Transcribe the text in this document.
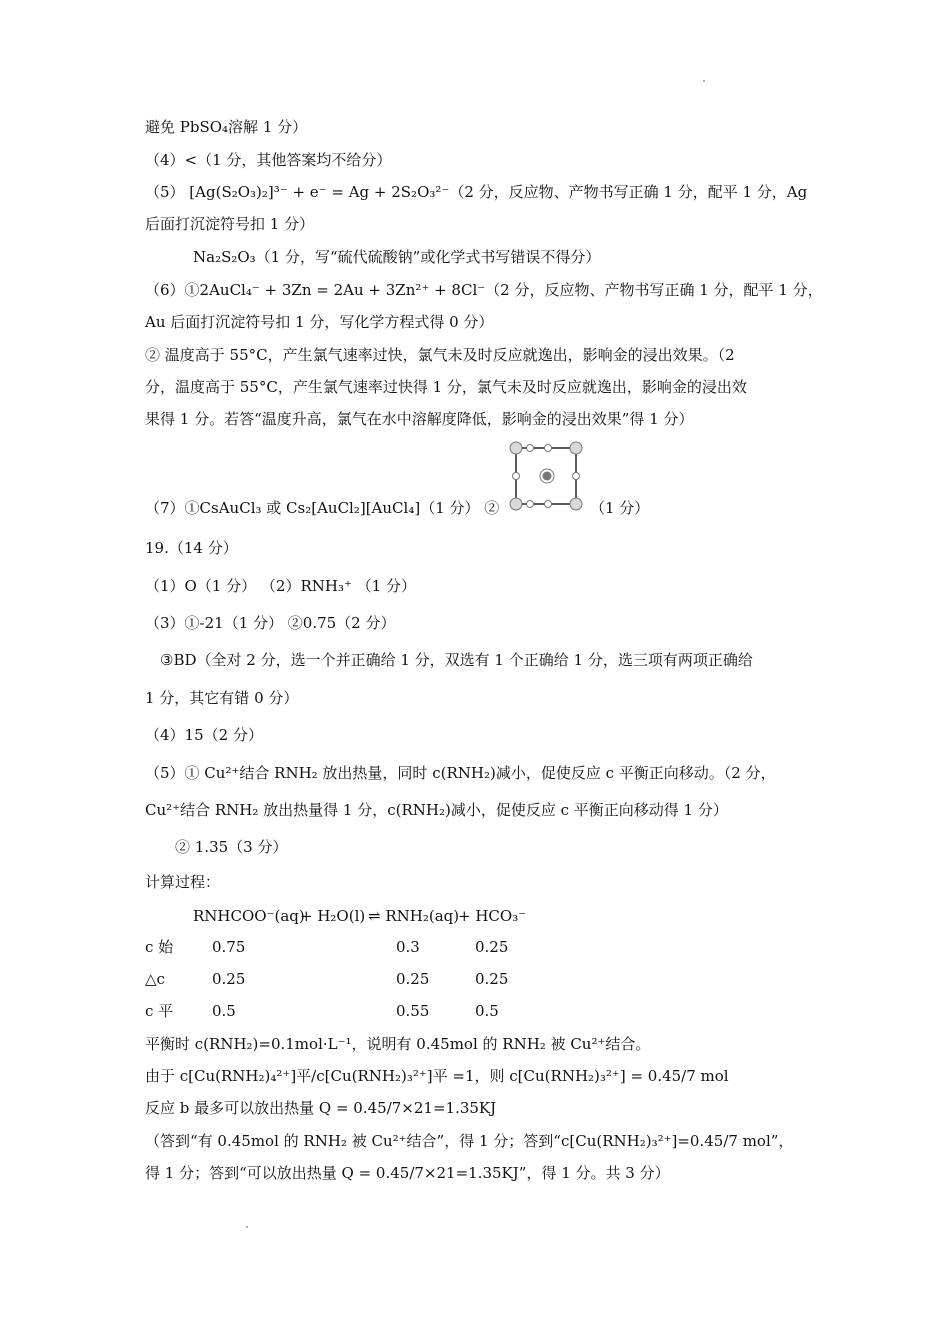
避免 PbSO₄溶解 1 分）
（4）<（1 分，其他答案均不给分）
（5） [Ag(S₂O₃)₂]³⁻ + e⁻ = Ag + 2S₂O₃²⁻（2 分，反应物、产物书写正确 1 分，配平 1 分，Ag
后面打沉淀符号扣 1 分）
Na₂S₂O₃（1 分，写“硫代硫酸钠”或化学式书写错误不得分）
（6）①2AuCl₄⁻ + 3Zn = 2Au + 3Zn²⁺ + 8Cl⁻（2 分，反应物、产物书写正确 1 分，配平 1 分，
Au 后面打沉淀符号扣 1 分，写化学方程式得 0 分）
② 温度高于 55°C，产生氯气速率过快，氯气未及时反应就逸出，影响金的浸出效果。（2
分，温度高于 55°C，产生氯气速率过快得 1 分，氯气未及时反应就逸出，影响金的浸出效
果得 1 分。若答“温度升高，氯气在水中溶解度降低，影响金的浸出效果”得 1 分）
（7）①CsAuCl₃ 或 Cs₂[AuCl₂][AuCl₄]（1 分） ②	（1 分）
19.（14 分）
（1）O（1 分） （2）RNH₃⁺ （1 分）
（3）①-21（1 分） ②0.75（2 分）
③BD（全对 2 分，选一个并正确给 1 分，双选有 1 个正确给 1 分，选三项有两项正确给
1 分，其它有错 0 分）
（4）15（2 分）
（5）① Cu²⁺结合 RNH₂ 放出热量，同时 c(RNH₂)减小，促使反应 c 平衡正向移动。（2 分，
Cu²⁺结合 RNH₂ 放出热量得 1 分，c(RNH₂)减小，促使反应 c 平衡正向移动得 1 分）
② 1.35（3 分）
计算过程：
RNHCOO⁻(aq)
+ H₂O(l) ⇌ RNH₂(aq)
+ HCO₃⁻
c 始	0.75	0.3	0.25
△c	0.25	0.25	0.25
c 平	0.5	0.55	0.5
平衡时 c(RNH₂)=0.1mol·L⁻¹，说明有 0.45mol 的 RNH₂ 被 Cu²⁺结合。
由于 c[Cu(RNH₂)₄²⁺]平/c[Cu(RNH₂)₃²⁺]平 =1，则 c[Cu(RNH₂)₃²⁺] = 0.45/7 mol
反应 b 最多可以放出热量 Q = 0.45/7×21=1.35KJ
（答到“有 0.45mol 的 RNH₂ 被 Cu²⁺结合”，得 1 分；答到“c[Cu(RNH₂)₃²⁺]=0.45/7 mol”，
得 1 分；答到“可以放出热量 Q = 0.45/7×21=1.35KJ”，得 1 分。共 3 分）
